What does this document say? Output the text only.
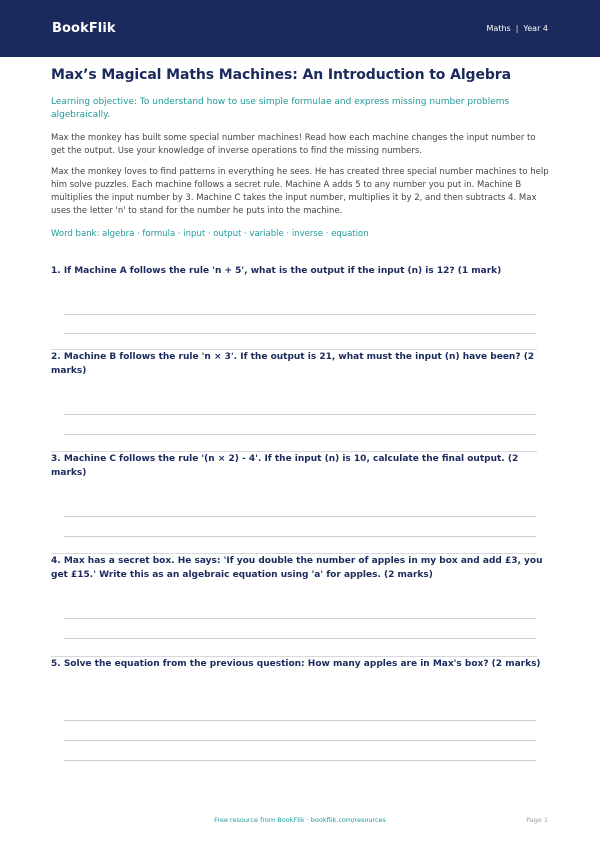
BookFlik	Maths | Year 4
Max’s Magical Maths Machines: An Introduction to Algebra

Learning objective: To understand how to use simple formulae and express missing number problems algebraically.

Max the monkey has built some special number machines! Read how each machine changes the input number to get the output. Use your knowledge of inverse operations to find the missing numbers.

Max the monkey loves to find patterns in everything he sees. He has created three special number machines to help him solve puzzles. Each machine follows a secret rule. Machine A adds 5 to any number you put in. Machine B multiplies the input number by 3. Machine C takes the input number, multiplies it by 2, and then subtracts 4. Max uses the letter 'n' to stand for the number he puts into the machine.

Word bank: algebra · formula · input · output · variable · inverse · equation

1. If Machine A follows the rule 'n + 5', what is the output if the input (n) is 12? (1 mark)

2. Machine B follows the rule 'n × 3'. If the output is 21, what must the input (n) have been? (2 marks)

3. Machine C follows the rule '(n × 2) - 4'. If the input (n) is 10, calculate the final output. (2 marks)

4. Max has a secret box. He says: 'If you double the number of apples in my box and add £3, you get £15.' Write this as an algebraic equation using 'a' for apples. (2 marks)

5. Solve the equation from the previous question: How many apples are in Max's box? (2 marks)

Free resource from BookFlik · bookflik.com/resources	Page 1
